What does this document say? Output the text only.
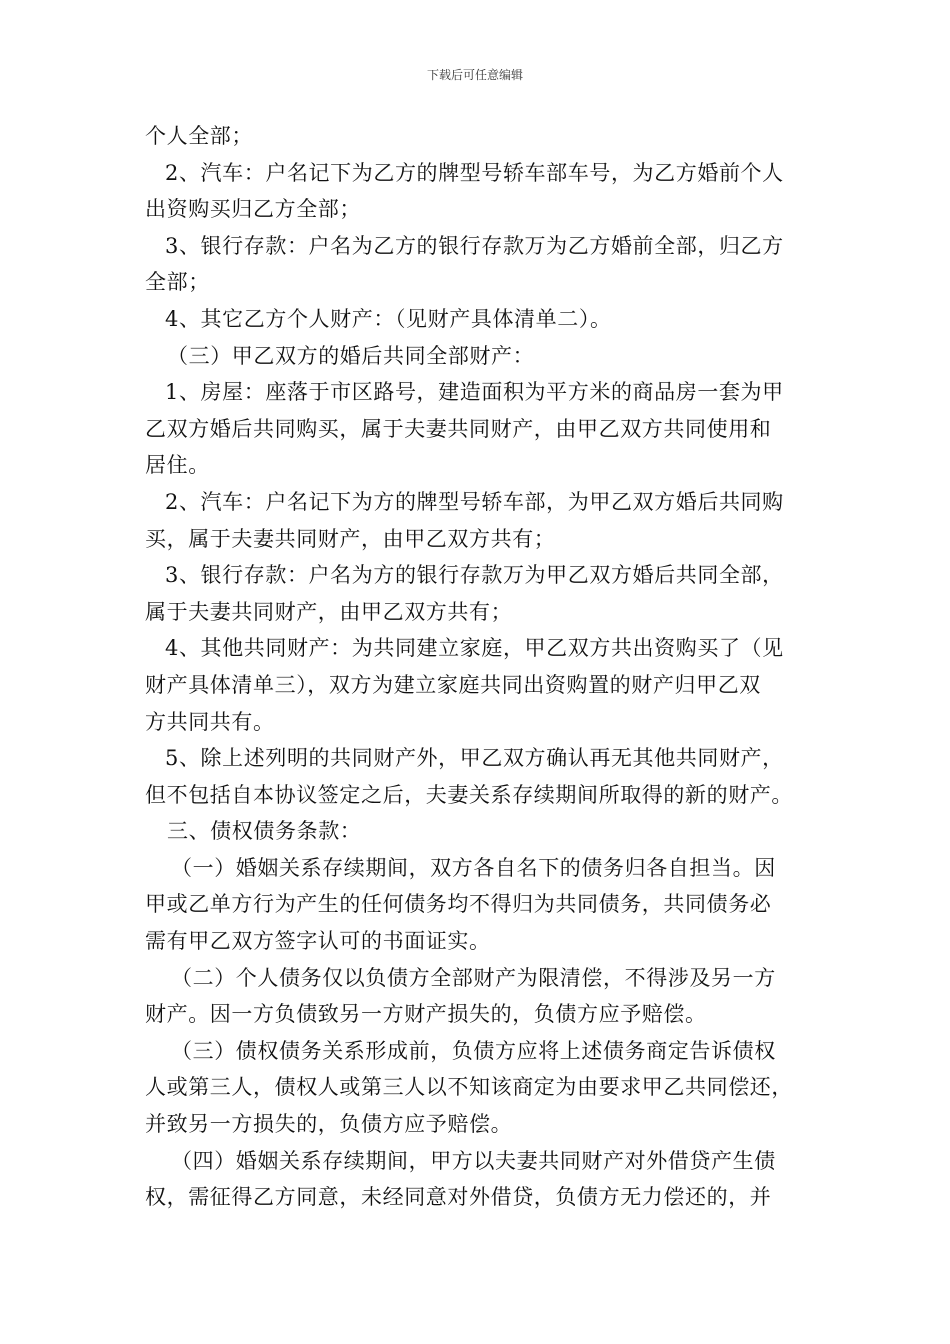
下载后可任意编辑
个人全部；
2、汽车：户名记下为乙方的牌型号轿车部车号，为乙方婚前个人
出资购买归乙方全部；
3、银行存款：户名为乙方的银行存款万为乙方婚前全部，归乙方
全部；
4、其它乙方个人财产：（见财产具体清单二）。
（三）甲乙双方的婚后共同全部财产：
1、房屋：座落于市区路号，建造面积为平方米的商品房一套为甲
乙双方婚后共同购买，属于夫妻共同财产，由甲乙双方共同使用和
居住。
2、汽车：户名记下为方的牌型号轿车部，为甲乙双方婚后共同购
买，属于夫妻共同财产，由甲乙双方共有；
3、银行存款：户名为方的银行存款万为甲乙双方婚后共同全部，
属于夫妻共同财产，由甲乙双方共有；
4、其他共同财产：为共同建立家庭，甲乙双方共出资购买了（见
财产具体清单三），双方为建立家庭共同出资购置的财产归甲乙双
方共同共有。
5、除上述列明的共同财产外，甲乙双方确认再无其他共同财产，
但不包括自本协议签定之后，夫妻关系存续期间所取得的新的财产。
三、债权债务条款：
（一）婚姻关系存续期间，双方各自名下的债务归各自担当。因
甲或乙单方行为产生的任何债务均不得归为共同债务，共同债务必
需有甲乙双方签字认可的书面证实。
（二）个人债务仅以负债方全部财产为限清偿，不得涉及另一方
财产。因一方负债致另一方财产损失的，负债方应予赔偿。
（三）债权债务关系形成前，负债方应将上述债务商定告诉债权
人或第三人，债权人或第三人以不知该商定为由要求甲乙共同偿还，
并致另一方损失的，负债方应予赔偿。
（四）婚姻关系存续期间，甲方以夫妻共同财产对外借贷产生债
权，需征得乙方同意，未经同意对外借贷，负债方无力偿还的，并
